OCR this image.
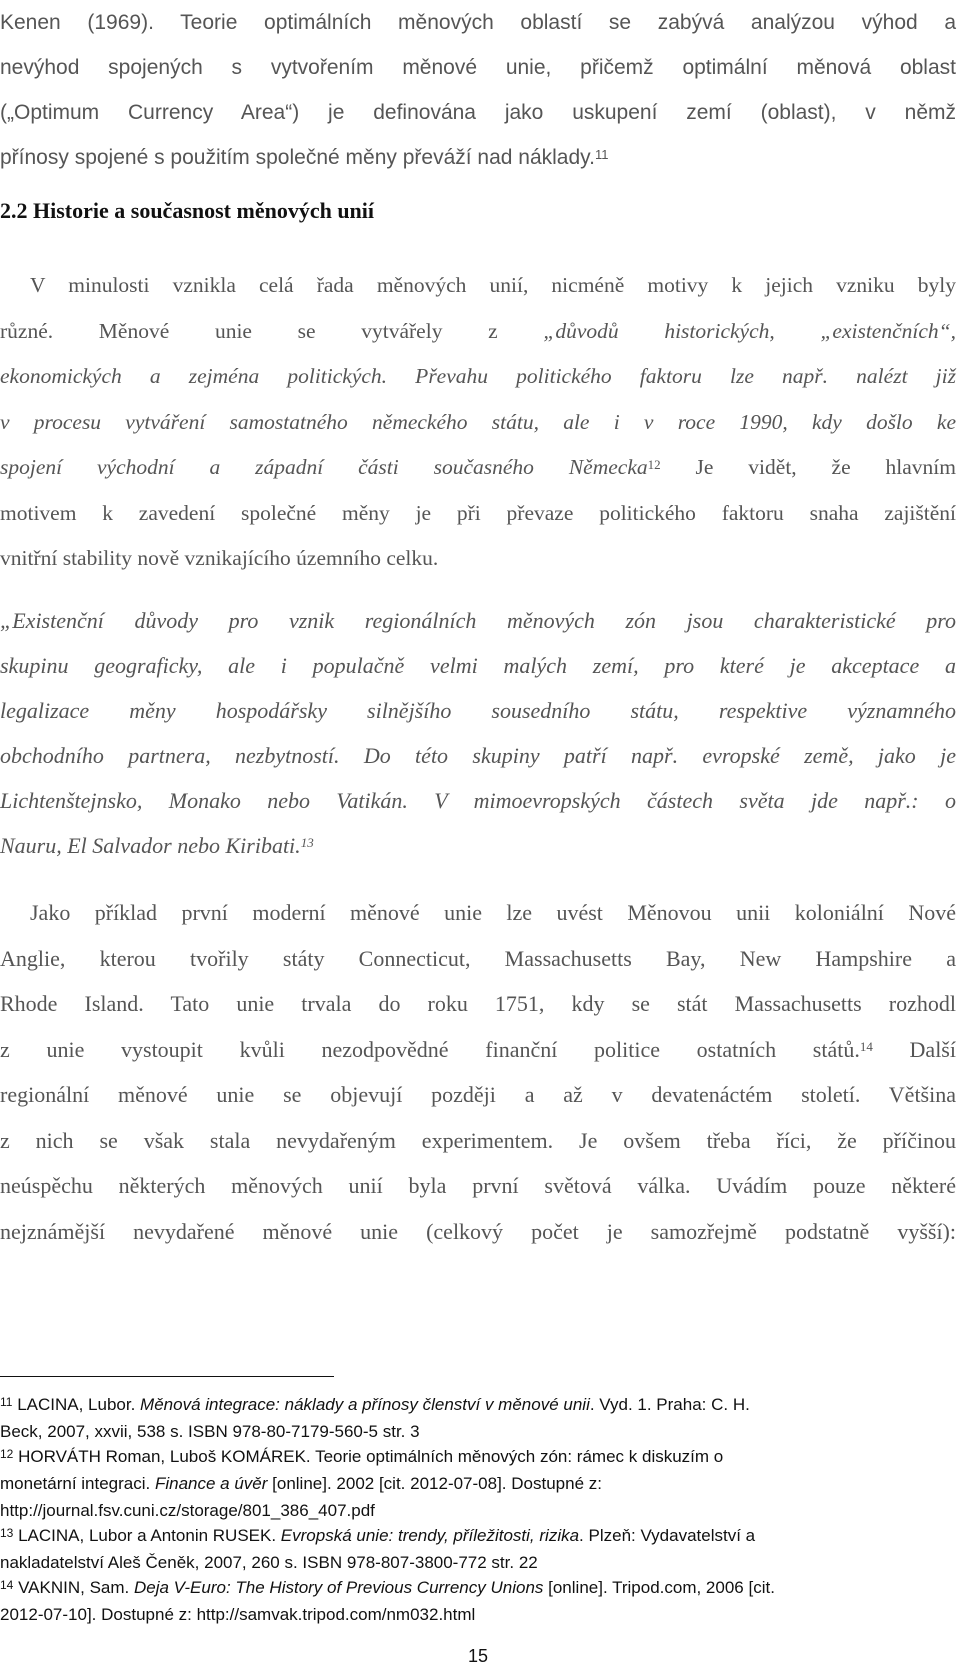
Kenen (1969). Teorie optimálních měnových oblastí se zabývá analýzou výhod a
nevýhod spojených s vytvořením měnové unie, přičemž optimální měnová oblast
(„Optimum Currency Area“) je definována jako uskupení zemí (oblast), v němž
přínosy spojené s použitím společné měny převáží nad náklady.$^{11}$
2.2 Historie a současnost měnových unií
V minulosti vznikla celá řada měnových unií, nicméně motivy k jejich vzniku byly
různé. Měnové unie se vytvářely z „důvodů historických, „existenčních“,
ekonomických a zejména politických. Převahu politického faktoru lze např. nalézt již
v procesu vytváření samostatného německého státu, ale i v roce 1990, kdy došlo ke
spojení východní a západní části současného Německa$^{12}$ Je vidět, že hlavním
motivem k zavedení společné měny je při převaze politického faktoru snaha zajištění
vnitřní stability nově vznikajícího územního celku.
„Existenční důvody pro vznik regionálních měnových zón jsou charakteristické pro
skupinu geograficky, ale i populačně velmi malých zemí, pro které je akceptace a
legalizace měny hospodářsky silnějšího sousedního státu, respektive významného
obchodního partnera, nezbytností. Do této skupiny patří např. evropské země, jako je
Lichtenštejnsko, Monako nebo Vatikán. V mimoevropských částech světa jde např.: o
Nauru, El Salvador nebo Kiribati.$^{13}$
Jako příklad první moderní měnové unie lze uvést Měnovou unii koloniální Nové
Anglie, kterou tvořily státy Connecticut, Massachusetts Bay, New Hampshire a
Rhode Island. Tato unie trvala do roku 1751, kdy se stát Massachusetts rozhodl
z unie vystoupit kvůli nezodpovědné finanční politice ostatních států.$^{14}$ Další
regionální měnové unie se objevují později a až v devatenáctém století. Většina
z nich se však stala nevydařeným experimentem. Je ovšem třeba říci, že příčinou
neúspěchu některých měnových unií byla první světová válka. Uvádím pouze některé
nejznámější nevydařené měnové unie (celkový počet je samozřejmě podstatně vyšší):
$^{11}$ LACINA, Lubor. Měnová integrace: náklady a přínosy členství v měnové unii. Vyd. 1. Praha: C. H.
Beck, 2007, xxvii, 538 s. ISBN 978-80-7179-560-5 str. 3
$^{12}$ HORVÁTH Roman, Luboš KOMÁREK. Teorie optimálních měnových zón: rámec k diskuzím o
monetární integraci. Finance a úvěr [online]. 2002 [cit. 2012-07-08]. Dostupné z:
http://journal.fsv.cuni.cz/storage/801_386_407.pdf
$^{13}$ LACINA, Lubor a Antonin RUSEK. Evropská unie: trendy, příležitosti, rizika. Plzeň: Vydavatelství a
nakladatelství Aleš Čeněk, 2007, 260 s. ISBN 978-807-3800-772 str. 22
$^{14}$ VAKNIN, Sam. Deja V-Euro: The History of Previous Currency Unions [online]. Tripod.com, 2006 [cit.
2012-07-10]. Dostupné z: http://samvak.tripod.com/nm032.html
15
